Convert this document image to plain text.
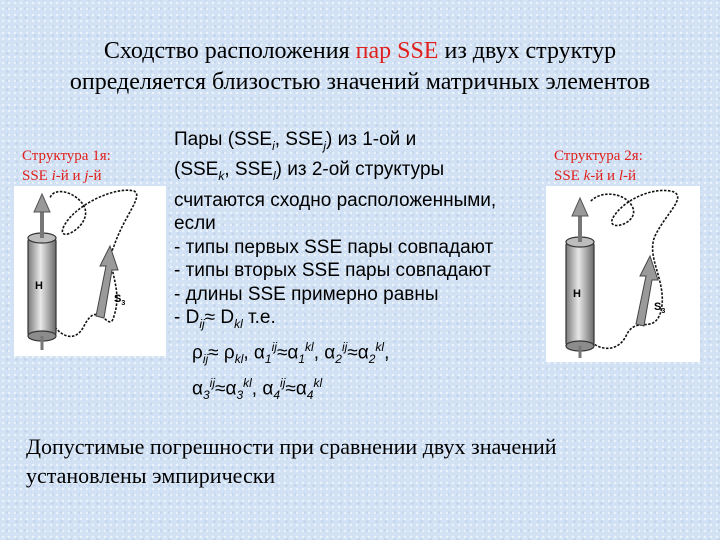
Сходство расположения пар SSE из двух структур
определяется близостью значений матричных элементов
Структура 1я:
SSE i-й и j-й
Структура 2я:
SSE k-й и l-й
H
$S_3$
H
$S_3$
Пары ($SSE_i$, $SSE_j$) из 1-ой и
($SSE_k$, $SSE_l$) из 2-ой структуры
считаются сходно расположенными,
если
- типы первых SSE пары совпадают
- типы вторых SSE пары совпадают
- длины SSE примерно равны
- $D_{ij}\approx D_{kl}$ т.е.
$\rho_{ij}\approx \rho_{kl}$, $\alpha_1^{ij}\approx\alpha_1^{kl}$, $\alpha_2^{ij}\approx\alpha_2^{kl}$,
$\alpha_3^{ij}\approx\alpha_3^{kl}$, $\alpha_4^{ij}\approx\alpha_4^{kl}$
Допустимые погрешности при сравнении двух значений
установлены эмпирически
